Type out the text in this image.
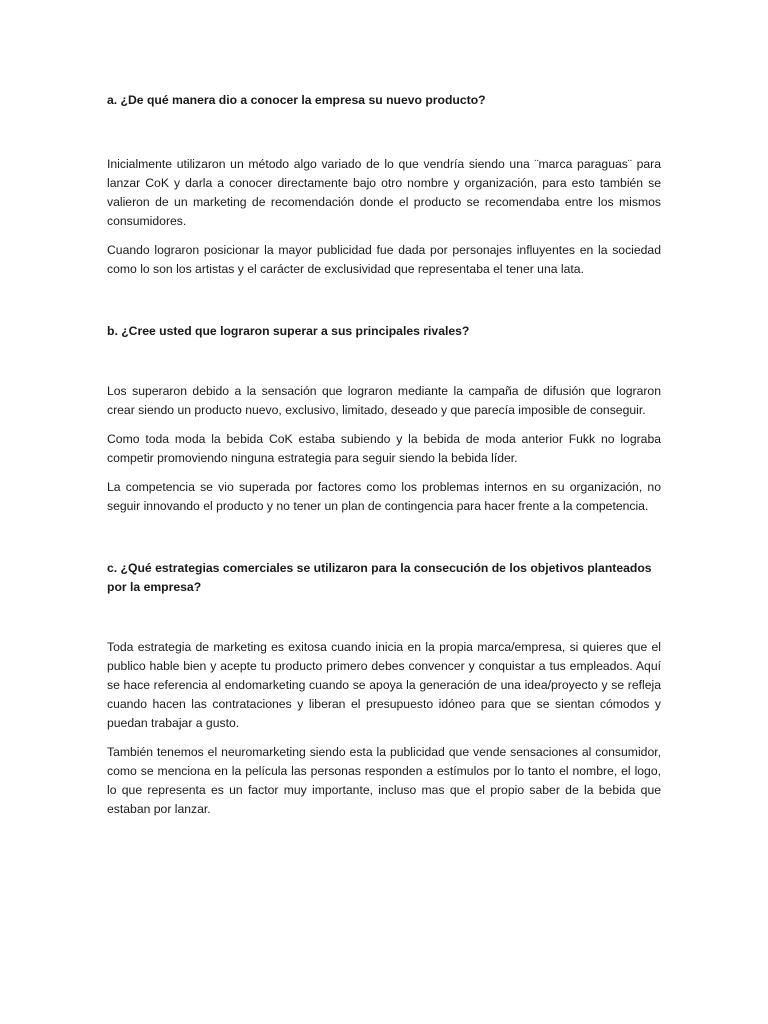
a. ¿De qué manera dio a conocer la empresa su nuevo producto?

Inicialmente utilizaron un método algo variado de lo que vendría siendo una ¨marca paraguas¨ para lanzar CoK y darla a conocer directamente bajo otro nombre y organización, para esto también se valieron de un marketing de recomendación donde el producto se recomendaba entre los mismos consumidores.

Cuando lograron posicionar la mayor publicidad fue dada por personajes influyentes en la sociedad como lo son los artistas y el carácter de exclusividad que representaba el tener una lata.

b. ¿Cree usted que lograron superar a sus principales rivales?

Los superaron debido a la sensación que lograron mediante la campaña de difusión que lograron crear siendo un producto nuevo, exclusivo, limitado, deseado y que parecía imposible de conseguir.

Como toda moda la bebida CoK estaba subiendo y la bebida de moda anterior Fukk no lograba competir promoviendo ninguna estrategia para seguir siendo la bebida líder.

La competencia se vio superada por factores como los problemas internos en su organización, no seguir innovando el producto y no tener un plan de contingencia para hacer frente a la competencia.

c. ¿Qué estrategias comerciales se utilizaron para la consecución de los objetivos planteados por la empresa?

Toda estrategia de marketing es exitosa cuando inicia en la propia marca/empresa, si quieres que el publico hable bien y acepte tu producto primero debes convencer y conquistar a tus empleados. Aquí se hace referencia al endomarketing cuando se apoya la generación de una idea/proyecto y se refleja cuando hacen las contrataciones y liberan el presupuesto idóneo para que se sientan cómodos y puedan trabajar a gusto.

También tenemos el neuromarketing siendo esta la publicidad que vende sensaciones al consumidor, como se menciona en la película las personas responden a estímulos por lo tanto el nombre, el logo, lo que representa es un factor muy importante, incluso mas que el propio saber de la bebida que estaban por lanzar.
